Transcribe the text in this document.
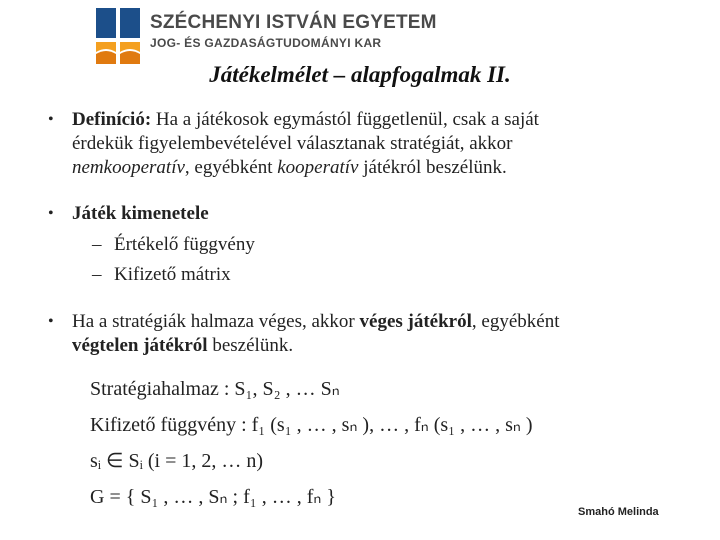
SZÉCHENYI ISTVÁN EGYETEM
JOG- ÉS GAZDASÁGTUDOMÁNYI KAR
Játékelmélet – alapfogalmak II.
• Definíció: Ha a játékosok egymástól függetlenül, csak a saját
érdekük figyelembevételével választanak stratégiát, akkor
nemkooperatív, egyébként kooperatív játékról beszélünk.
• Játék kimenetele
– Értékelő függvény
– Kifizető mátrix
• Ha a stratégiák halmaza véges, akkor véges játékról, egyébként
végtelen játékról beszélünk.
Stratégiahalmaz : S₁, S₂ , … Sₙ
Kifizető függvény : f₁ (s₁ , … , sₙ ), … , fₙ (s₁ , … , sₙ )
sᵢ ∈ Sᵢ (i = 1, 2, … n)
G = { S₁ , … , Sₙ ; f₁ , … , fₙ }
Smahó Melinda
